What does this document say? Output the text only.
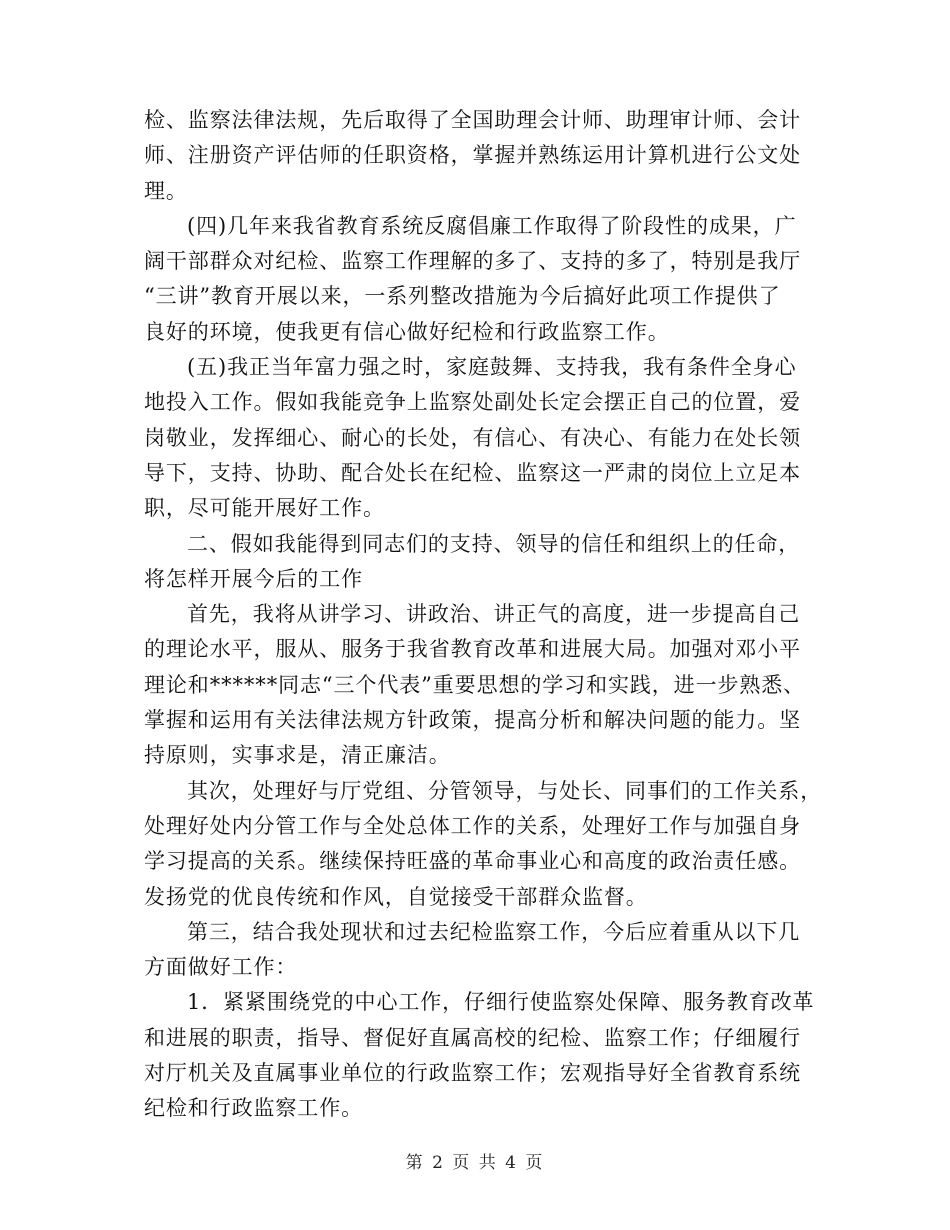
检、监察法律法规，先后取得了全国助理会计师、助理审计师、会计
师、注册资产评估师的任职资格，掌握并熟练运用计算机进行公文处
理。
(四)几年来我省教育系统反腐倡廉工作取得了阶段性的成果，广
阔干部群众对纪检、监察工作理解的多了、支持的多了，特别是我厅
“三讲”教育开展以来，一系列整改措施为今后搞好此项工作提供了
良好的环境，使我更有信心做好纪检和行政监察工作。
(五)我正当年富力强之时，家庭鼓舞、支持我，我有条件全身心
地投入工作。假如我能竞争上监察处副处长定会摆正自己的位置，爱
岗敬业，发挥细心、耐心的长处，有信心、有决心、有能力在处长领
导下，支持、协助、配合处长在纪检、监察这一严肃的岗位上立足本
职，尽可能开展好工作。
二、假如我能得到同志们的支持、领导的信任和组织上的任命，
将怎样开展今后的工作
首先，我将从讲学习、讲政治、讲正气的高度，进一步提高自己
的理论水平，服从、服务于我省教育改革和进展大局。加强对邓小平
理论和******同志“三个代表”重要思想的学习和实践，进一步熟悉、
掌握和运用有关法律法规方针政策，提高分析和解决问题的能力。坚
持原则，实事求是，清正廉洁。
其次，处理好与厅党组、分管领导，与处长、同事们的工作关系，
处理好处内分管工作与全处总体工作的关系，处理好工作与加强自身
学习提高的关系。继续保持旺盛的革命事业心和高度的政治责任感。
发扬党的优良传统和作风，自觉接受干部群众监督。
第三，结合我处现状和过去纪检监察工作，今后应着重从以下几
方面做好工作：
1．紧紧围绕党的中心工作，仔细行使监察处保障、服务教育改革
和进展的职责，指导、督促好直属高校的纪检、监察工作；仔细履行
对厅机关及直属事业单位的行政监察工作；宏观指导好全省教育系统
纪检和行政监察工作。
第 2 页 共 4 页
